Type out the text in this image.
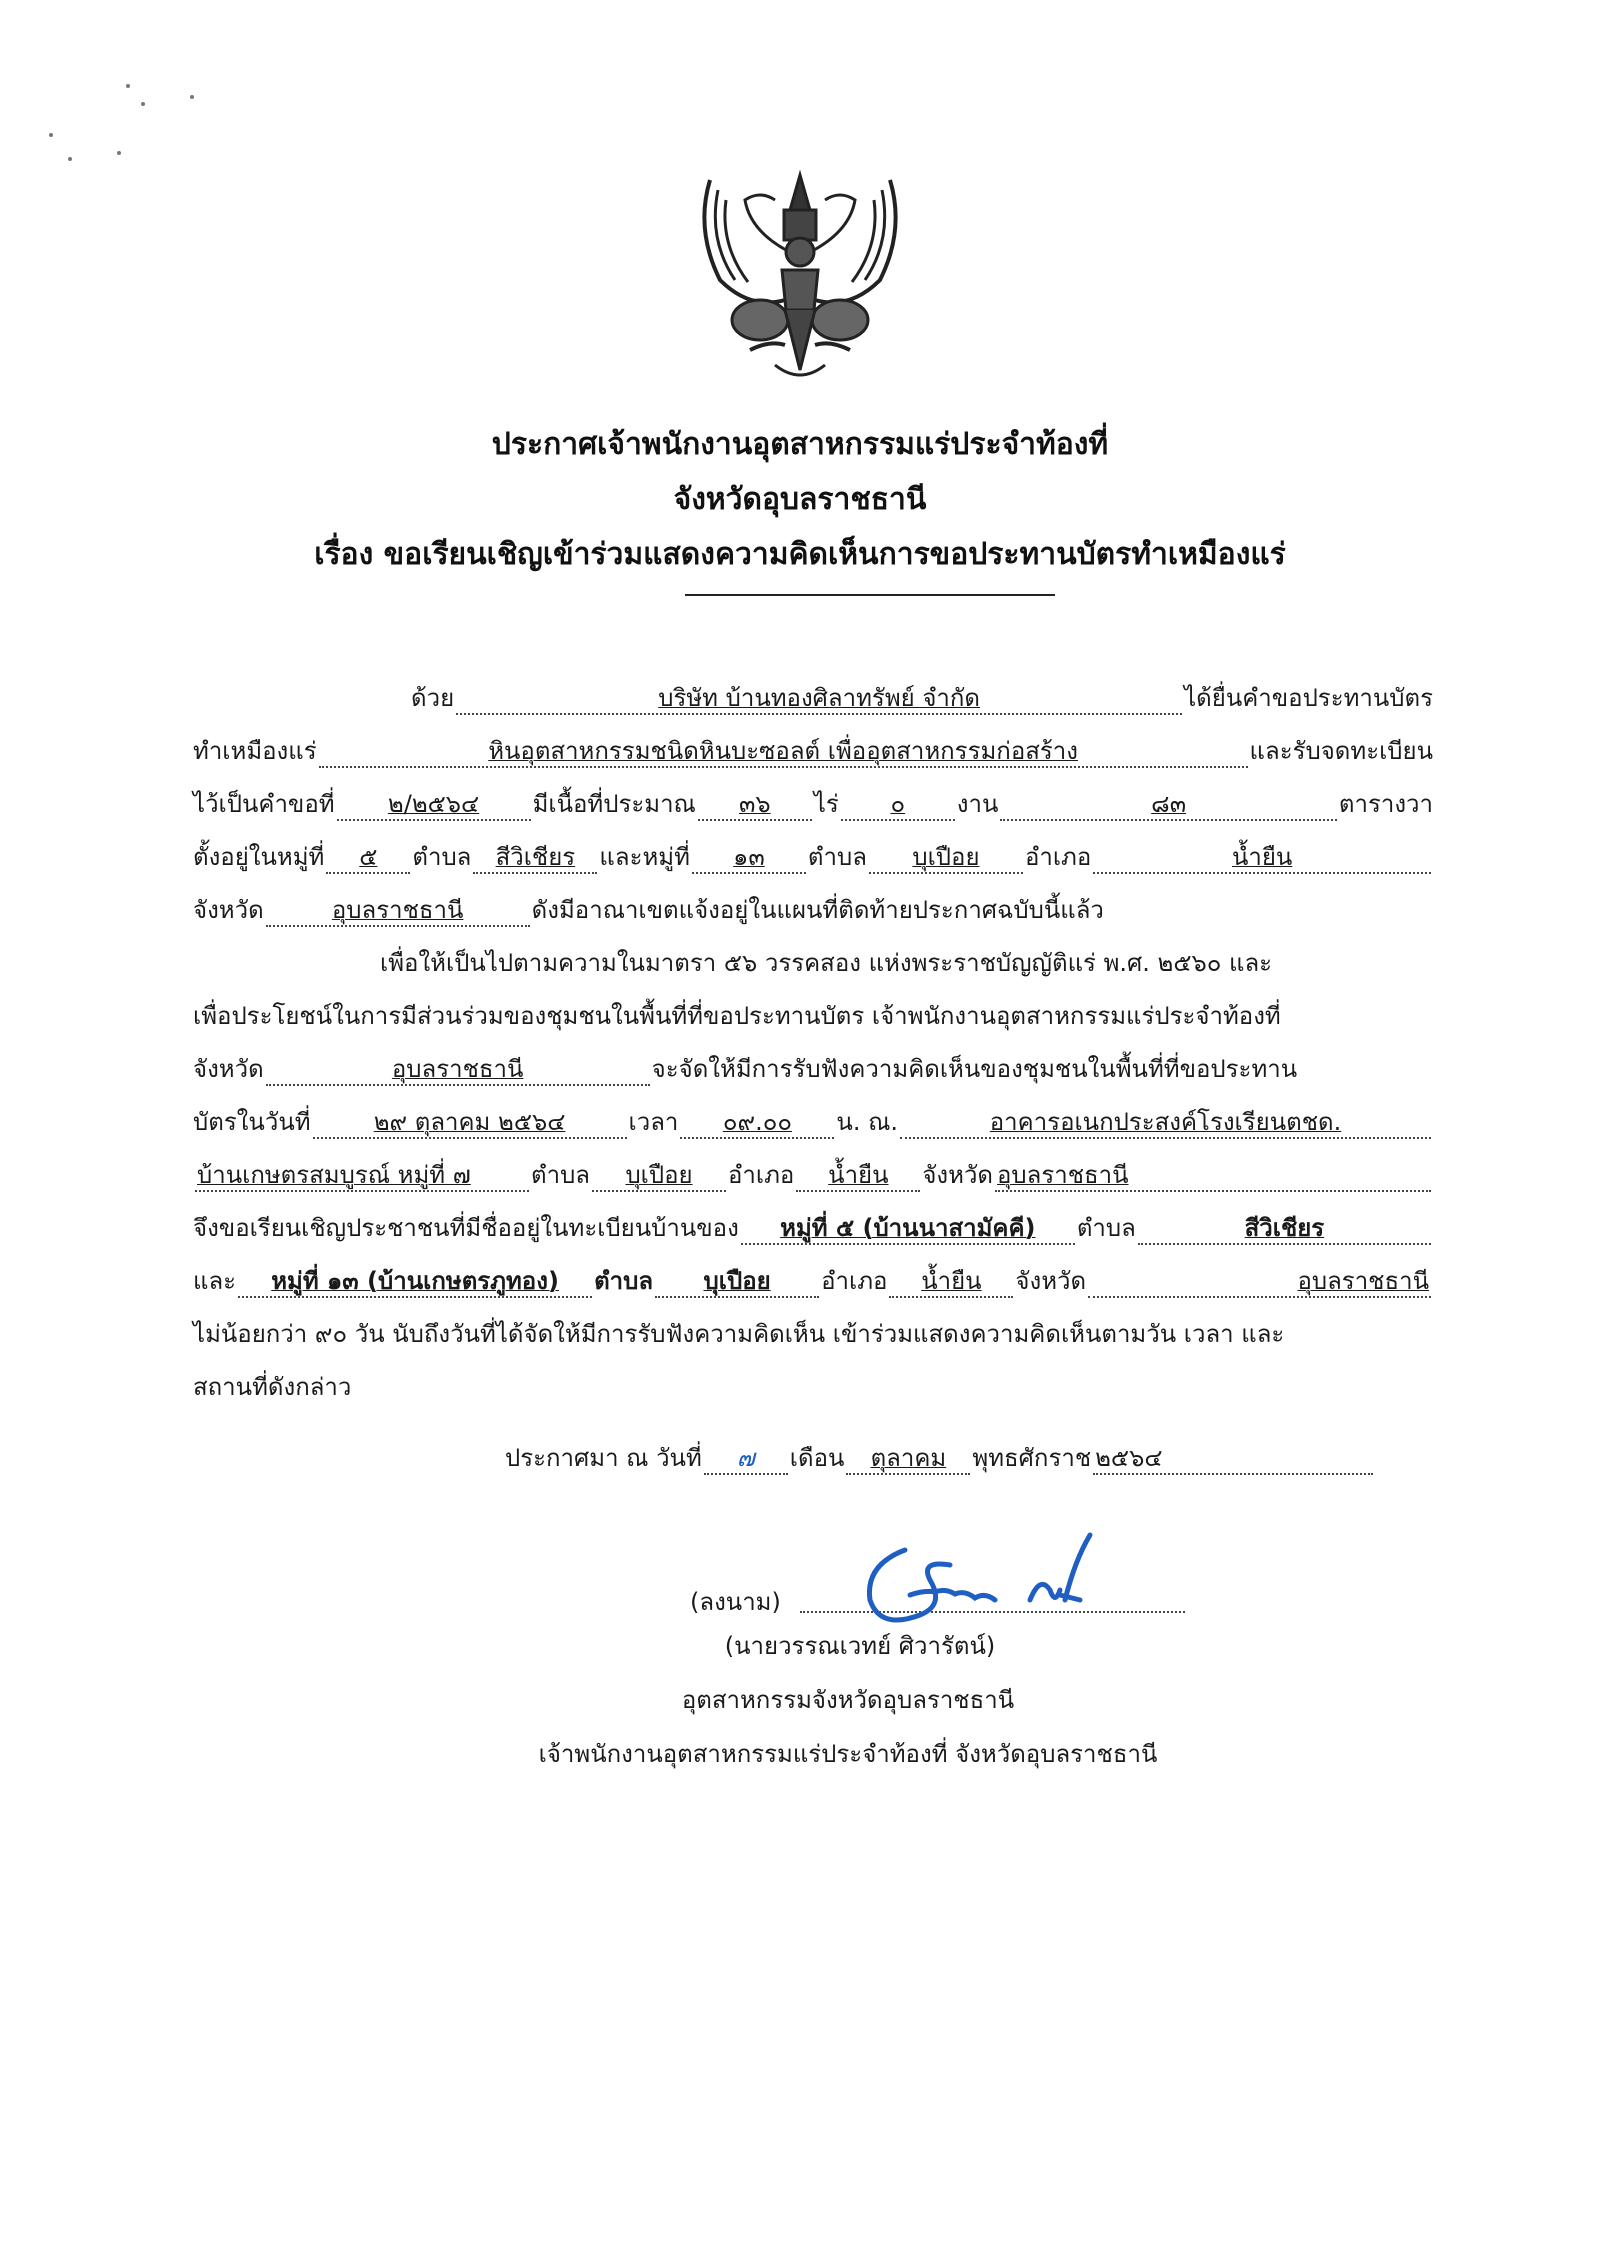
ประกาศเจ้าพนักงานอุตสาหกรรมแร่ประจำท้องที่
จังหวัดอุบลราชธานี
เรื่อง ขอเรียนเชิญเข้าร่วมแสดงความคิดเห็นการขอประทานบัตรทำเหมืองแร่
ด้วย	บริษัท บ้านทองศิลาทรัพย์ จำกัด	ได้ยื่นคำขอประทานบัตร
ทำเหมืองแร่	หินอุตสาหกรรมชนิดหินบะซอลต์ เพื่ออุตสาหกรรมก่อสร้าง	และรับจดทะเบียน
ไว้เป็นคำขอที่	๒/๒๕๖๔	มีเนื้อที่ประมาณ	๓๖	ไร่	๐	งาน	๘๓	ตารางวา
ตั้งอยู่ในหมู่ที่	๕	ตำบล	สีวิเชียร	และหมู่ที่	๑๓	ตำบล	บุเปือย	อำเภอ	น้ำยืน
จังหวัด	อุบลราชธานี	ดังมีอาณาเขตแจ้งอยู่ในแผนที่ติดท้ายประกาศฉบับนี้แล้ว
เพื่อให้เป็นไปตามความในมาตรา ๕๖ วรรคสอง แห่งพระราชบัญญัติแร่ พ.ศ. ๒๕๖๐ และ
เพื่อประโยชน์ในการมีส่วนร่วมของชุมชนในพื้นที่ที่ขอประทานบัตร เจ้าพนักงานอุตสาหกรรมแร่ประจำท้องที่
จังหวัด	อุบลราชธานี	จะจัดให้มีการรับฟังความคิดเห็นของชุมชนในพื้นที่ที่ขอประทาน
บัตรในวันที่	๒๙ ตุลาคม ๒๕๖๔	เวลา	๐๙.๐๐	น. ณ.	อาคารอเนกประสงค์โรงเรียนตชด.
บ้านเกษตรสมบูรณ์ หมู่ที่ ๗	ตำบล	บุเปือย	อำเภอ	น้ำยืน	จังหวัด อุบลราชธานี
จึงขอเรียนเชิญประชาชนที่มีชื่ออยู่ในทะเบียนบ้านของ	หมู่ที่ ๕ (บ้านนาสามัคคี)	ตำบล	สีวิเชียร
และ	หมู่ที่ ๑๓ (บ้านเกษตรภูทอง)	ตำบล	บุเปือย	อำเภอ	น้ำยืน	จังหวัด	อุบลราชธานี
ไม่น้อยกว่า ๙๐ วัน นับถึงวันที่ได้จัดให้มีการรับฟังความคิดเห็น เข้าร่วมแสดงความคิดเห็นตามวัน เวลา และ
สถานที่ดังกล่าว
ประกาศมา ณ วันที่	๗	เดือน	ตุลาคม	พุทธศักราช ๒๕๖๔
(ลงนาม)
(นายวรรณเวทย์ ศิวารัตน์)
อุตสาหกรรมจังหวัดอุบลราชธานี
เจ้าพนักงานอุตสาหกรรมแร่ประจำท้องที่ จังหวัดอุบลราชธานี
